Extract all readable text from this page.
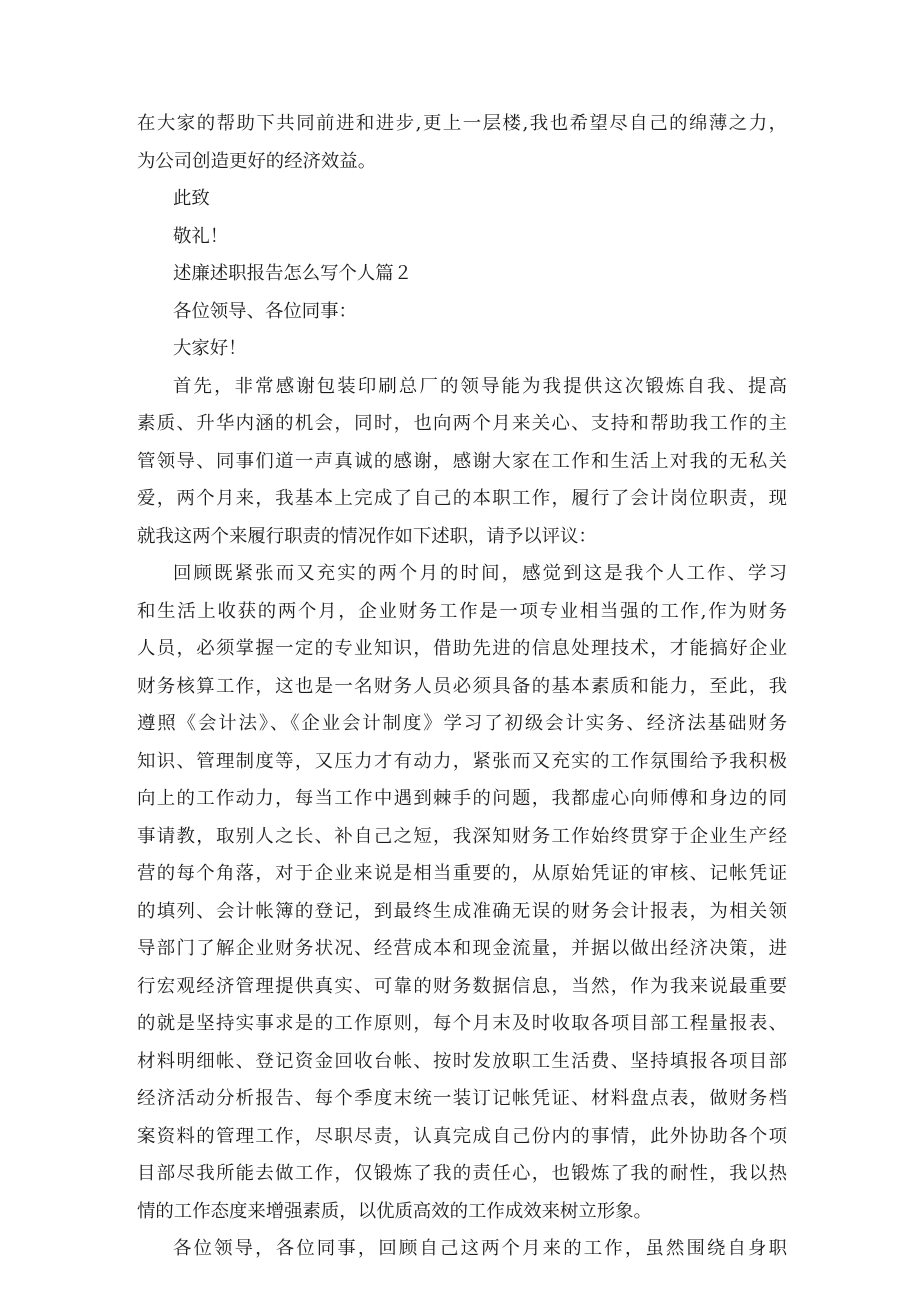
在大家的帮助下共同前进和进步,更上一层楼,我也希望尽自己的绵薄之力，
为公司创造更好的经济效益。
此致
敬礼！
述廉述职报告怎么写个人篇２
各位领导、各位同事：
大家好！
首先，非常感谢包装印刷总厂的领导能为我提供这次锻炼自我、提高
素质、升华内涵的机会，同时，也向两个月来关心、支持和帮助我工作的主
管领导、同事们道一声真诚的感谢，感谢大家在工作和生活上对我的无私关
爱，两个月来，我基本上完成了自己的本职工作，履行了会计岗位职责，现
就我这两个来履行职责的情况作如下述职，请予以评议：
回顾既紧张而又充实的两个月的时间，感觉到这是我个人工作、学习
和生活上收获的两个月，企业财务工作是一项专业相当强的工作,作为财务
人员，必须掌握一定的专业知识，借助先进的信息处理技术，才能搞好企业
财务核算工作，这也是一名财务人员必须具备的基本素质和能力，至此，我
遵照《会计法》、《企业会计制度》学习了初级会计实务、经济法基础财务
知识、管理制度等，又压力才有动力，紧张而又充实的工作氛围给予我积极
向上的工作动力，每当工作中遇到棘手的问题，我都虚心向师傅和身边的同
事请教，取别人之长、补自己之短，我深知财务工作始终贯穿于企业生产经
营的每个角落，对于企业来说是相当重要的，从原始凭证的审核、记帐凭证
的填列、会计帐簿的登记，到最终生成准确无误的财务会计报表，为相关领
导部门了解企业财务状况、经营成本和现金流量，并据以做出经济决策，进
行宏观经济管理提供真实、可靠的财务数据信息，当然，作为我来说最重要
的就是坚持实事求是的工作原则，每个月末及时收取各项目部工程量报表、
材料明细帐、登记资金回收台帐、按时发放职工生活费、坚持填报各项目部
经济活动分析报告、每个季度末统一装订记帐凭证、材料盘点表，做财务档
案资料的管理工作，尽职尽责，认真完成自己份内的事情，此外协助各个项
目部尽我所能去做工作，仅锻炼了我的责任心，也锻炼了我的耐性，我以热
情的工作态度来增强素质，以优质高效的工作成效来树立形象。
各位领导，各位同事，回顾自己这两个月来的工作，虽然围绕自身职
